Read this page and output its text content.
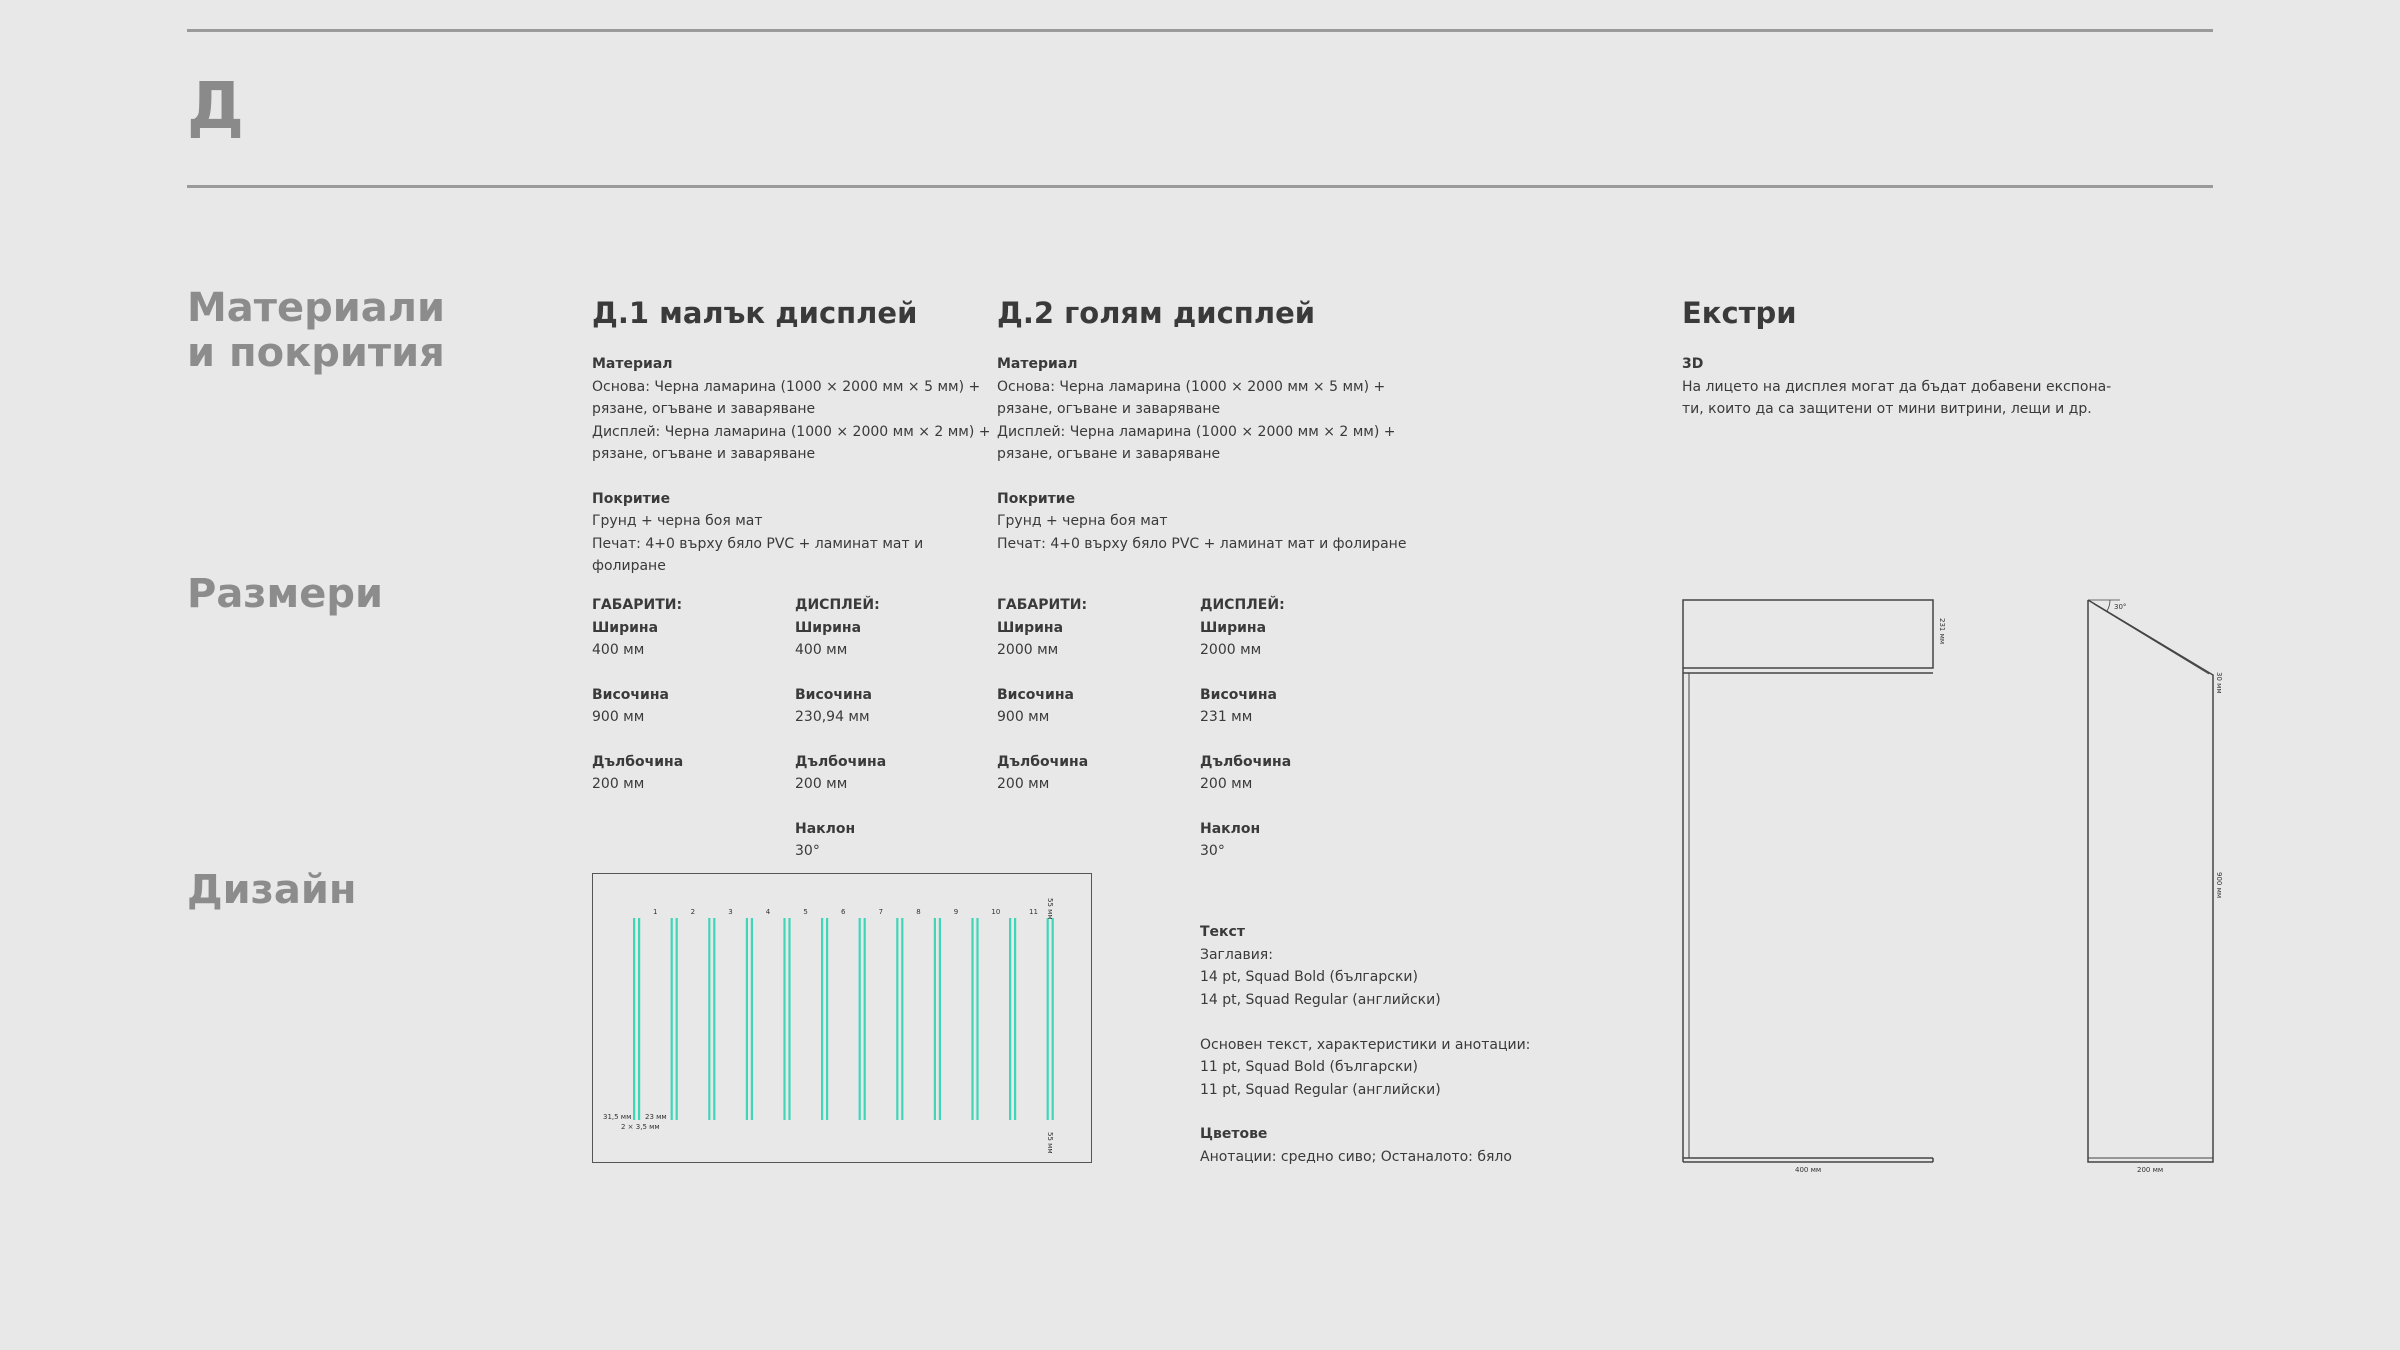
Д
Материали
и покрития
Размери
Дизайн
Д.1 малък дисплей
Материал
Основа: Черна ламарина (1000 × 2000 мм × 5 мм) +
рязане, огъване и заваряване
Дисплей: Черна ламарина (1000 × 2000 мм × 2 мм) +
рязане, огъване и заваряване
Покритие
Грунд + черна боя мат
Печат: 4+0 върху бяло PVC + ламинат мат и фолиране
ГАБАРИТИ:
Ширина
400 мм
Височина
900 мм
Дълбочина
200 мм
ДИСПЛЕЙ:
Ширина
400 мм
Височина
230,94 мм
Дълбочина
200 мм
Наклон
30°
Д.2 голям дисплей
Материал
Основа: Черна ламарина (1000 × 2000 мм × 5 мм) +
рязане, огъване и заваряване
Дисплей: Черна ламарина (1000 × 2000 мм × 2 мм) +
рязане, огъване и заваряване
Покритие
Грунд + черна боя мат
Печат: 4+0 върху бяло PVC + ламинат мат и фолиране
ГАБАРИТИ:
Ширина
2000 мм
Височина
900 мм
Дълбочина
200 мм
ДИСПЛЕЙ:
Ширина
2000 мм
Височина
231 мм
Дълбочина
200 мм
Наклон
30°
Текст
Заглавия:
14 pt, Squad Bold (български)
14 pt, Squad Regular (английски)

Основен текст, характеристики и анотации:
11 pt, Squad Bold (български)
11 pt, Squad Regular (английски)
Цветове
Анотации: средно сиво; Останалото: бяло
Екстри
3D
На лицето на дисплея могат да бъдат добавени експона-
ти, които да са защитени от мини витрини, лещи и др.
1	2	3	4	5	6	7	8	9	10	11 55 мм
55 мм
31,5 мм 23 мм
2 × 3,5 мм
231 мм
400 мм
30°
30 мм
900 мм
200 мм
